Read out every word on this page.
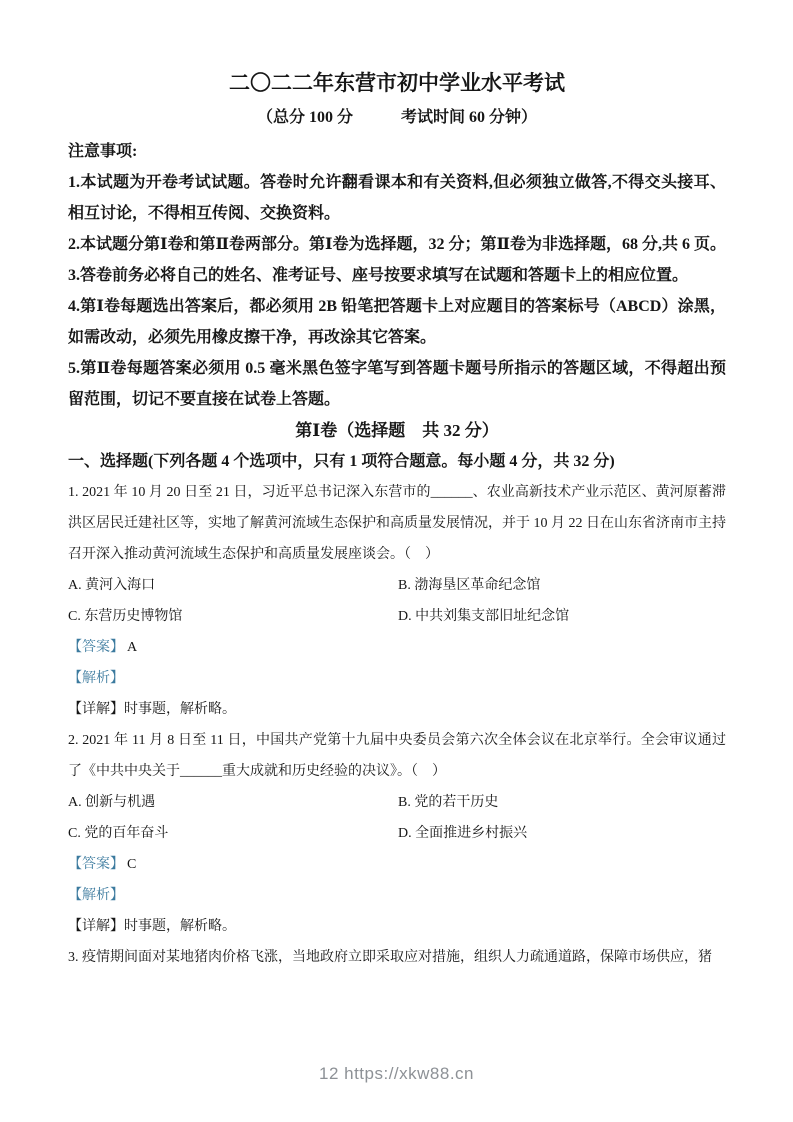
二〇二二年东营市初中学业水平考试
（总分 100 分　　　考试时间 60 分钟）
注意事项:

1.本试题为开卷考试试题。答卷时允许翻看课本和有关资料,但必须独立做答,不得交头接耳、相互讨论，不得相互传阅、交换资料。

2.本试题分第Ⅰ卷和第Ⅱ卷两部分。第Ⅰ卷为选择题，32 分；第Ⅱ卷为非选择题，68 分,共 6 页。

3.答卷前务必将自己的姓名、准考证号、座号按要求填写在试题和答题卡上的相应位置。

4.第Ⅰ卷每题选出答案后，都必须用 2B 铅笔把答题卡上对应题目的答案标号（ABCD）涂黑，如需改动，必须先用橡皮擦干净，再改涂其它答案。

5.第Ⅱ卷每题答案必须用 0.5 毫米黑色签字笔写到答题卡题号所指示的答题区域，不得超出预留范围，切记不要直接在试卷上答题。

第Ⅰ卷（选择题　共 32 分）
一、选择题(下列各题 4 个选项中，只有 1 项符合题意。每小题 4 分，共 32 分)

1. 2021 年 10 月 20 日至 21 日，习近平总书记深入东营市的______、农业高新技术产业示范区、黄河原蓄滞洪区居民迁建社区等，实地了解黄河流域生态保护和高质量发展情况，并于 10 月 22 日在山东省济南市主持召开深入推动黄河流域生态保护和高质量发展座谈会。（　）

A. 黄河入海口	B. 渤海垦区革命纪念馆
C. 东营历史博物馆	D. 中共刘集支部旧址纪念馆
【答案】 A
【解析】
【详解】时事题，解析略。

2. 2021 年 11 月 8 日至 11 日，中国共产党第十九届中央委员会第六次全体会议在北京举行。全会审议通过了《中共中央关于______重大成就和历史经验的决议》。（　）

A. 创新与机遇	B. 党的若干历史
C. 党的百年奋斗	D. 全面推进乡村振兴
【答案】 C
【解析】
【详解】时事题，解析略。

3. 疫情期间面对某地猪肉价格飞涨，当地政府立即采取应对措施，组织人力疏通道路，保障市场供应，猪

12 https://xkw88.cn
